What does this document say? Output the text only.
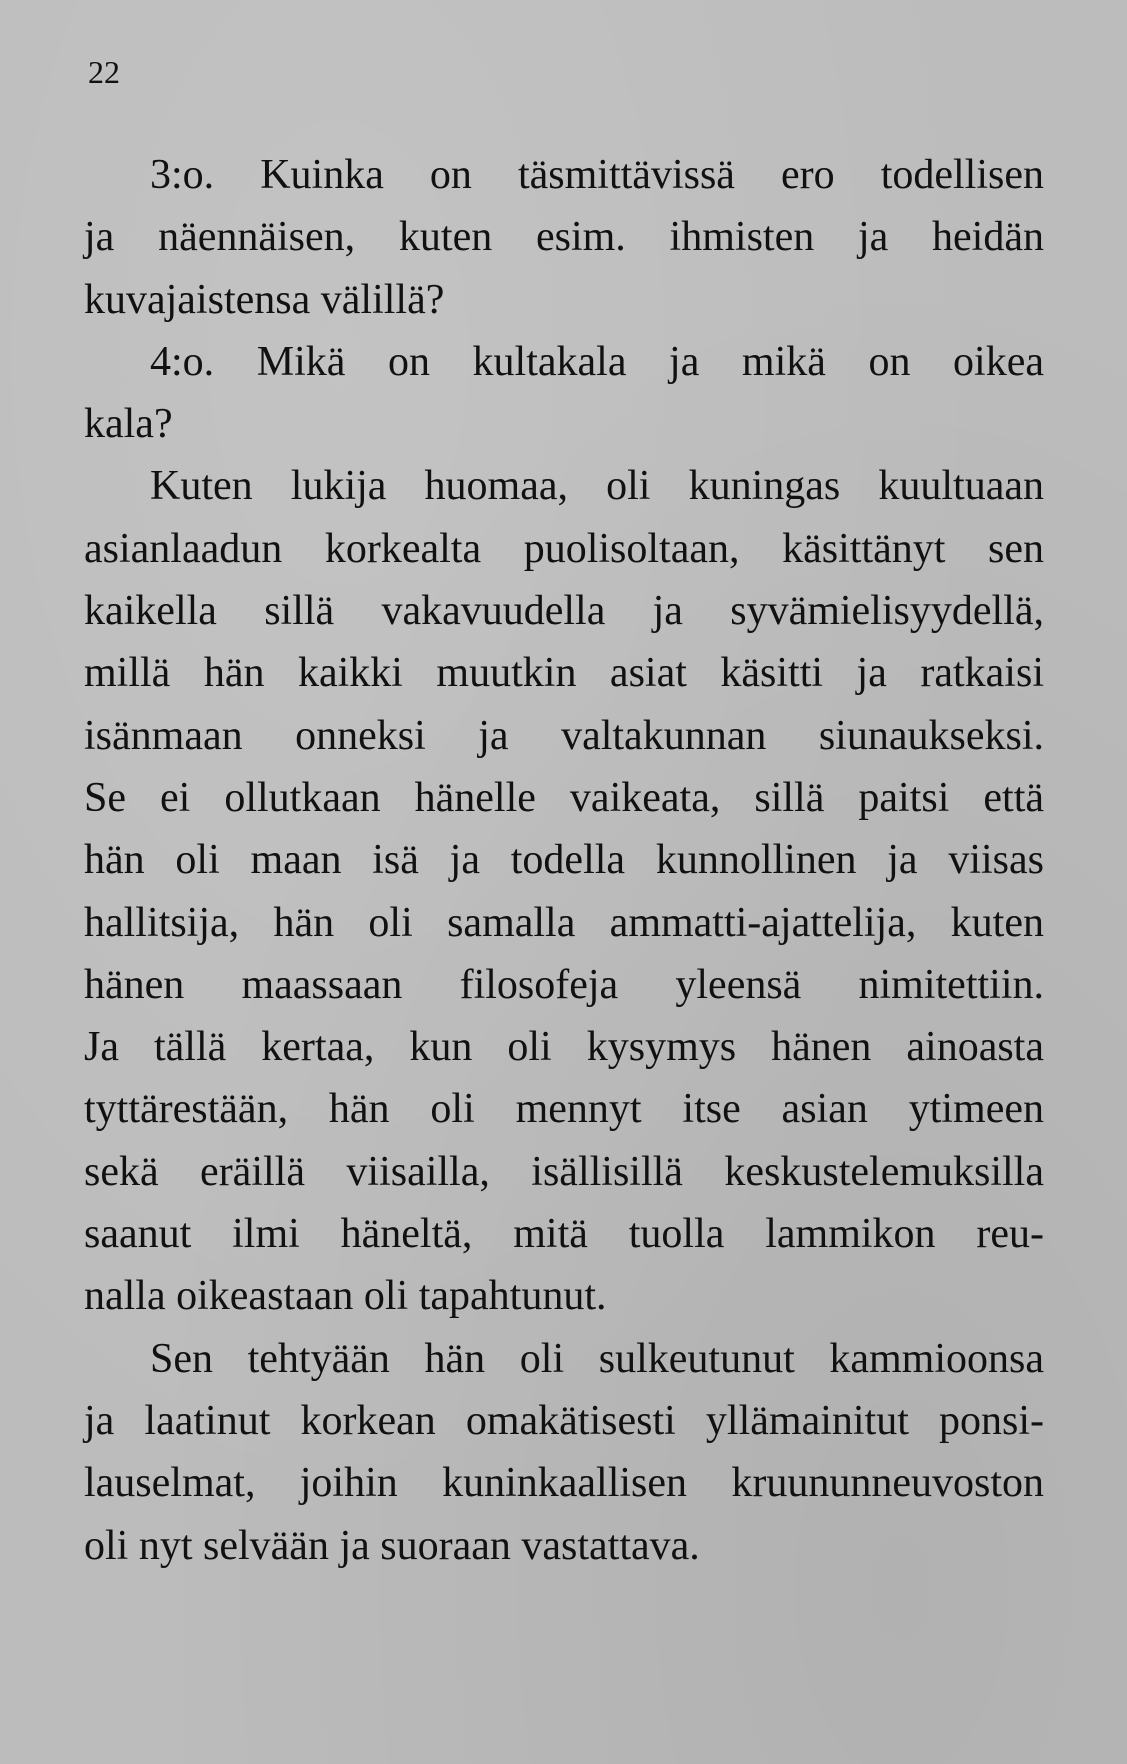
22
3:o. Kuinka on täsmittävissä ero todellisen
ja näennäisen, kuten esim. ihmisten ja heidän
kuvajaistensa välillä?
4:o. Mikä on kultakala ja mikä on oikea
kala?
Kuten lukija huomaa, oli kuningas kuultuaan
asianlaadun korkealta puolisoltaan, käsittänyt sen
kaikella sillä vakavuudella ja syvämielisyydellä,
millä hän kaikki muutkin asiat käsitti ja ratkaisi
isänmaan onneksi ja valtakunnan siunaukseksi.
Se ei ollutkaan hänelle vaikeata, sillä paitsi että
hän oli maan isä ja todella kunnollinen ja viisas
hallitsija, hän oli samalla ammatti-ajattelija, kuten
hänen maassaan filosofeja yleensä nimitettiin.
Ja tällä kertaa, kun oli kysymys hänen ainoasta
tyttärestään, hän oli mennyt itse asian ytimeen
sekä eräillä viisailla, isällisillä keskustelemuksilla
saanut ilmi häneltä, mitä tuolla lammikon reu-
nalla oikeastaan oli tapahtunut.
Sen tehtyään hän oli sulkeutunut kammioonsa
ja laatinut korkean omakätisesti yllämainitut ponsi-
lauselmat, joihin kuninkaallisen kruununneuvoston
oli nyt selvään ja suoraan vastattava.
